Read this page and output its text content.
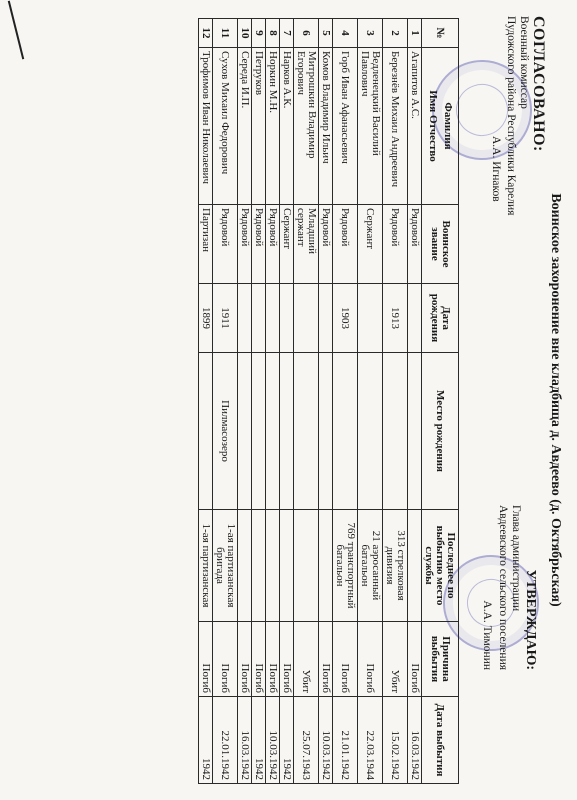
Воинское захоронение вне кладбища д. Авдеево (д. Октябрьская)
СОГЛАСОВАНО:
Военный комиссар
Пудожского района Республики Карелия
А.А. Игнаков
УТВЕРЖДАЮ:
Глава администрации
Авдеевского сельского поселения
А.А. Тимонин
№	Фамилия
Имя Отчество	Воинское звание	Дата рождения	Место рождения	Последнее по выбытию место службы	Причина выбытия	Дата выбытия
1	Агапитов А.С.	Рядовой				Погиб	16.03.1942
2	Березнёв Михаил Андреевич	Рядовой	1913		313 стрелковая дивизия	Убит	15.02.1942
3	Ведленецкий Василий Павлович	Сержант			21 аэросанный батальон	Погиб	22.03.1944
4	Горб Иван Афанасьевич	Рядовой	1903		769 транспортный батальон	Погиб	21.01.1942
5	Комов Владимир Ильич	Рядовой				Погиб	10.03.1942
6	Митрошкин Владимир Егорович	Младший сержант				Убит	25.07.1943
7	Нарков А.К.	Сержант				Погиб	1942
8	Норкин М.Н.	Рядовой				Погиб	10.03.1942
9	Петруков	Рядовой				Погиб	1942
10	Середа И.П.	Рядовой				Погиб	16.03.1942
11	Сухов Михаил Федорович	Рядовой	1911	Пилмасозеро	1-ая партизанская бригада	Погиб	22.01.1942
12	Трофимов Иван Николаевич	Партизан	1899		1-ая партизанская	Погиб	1942
